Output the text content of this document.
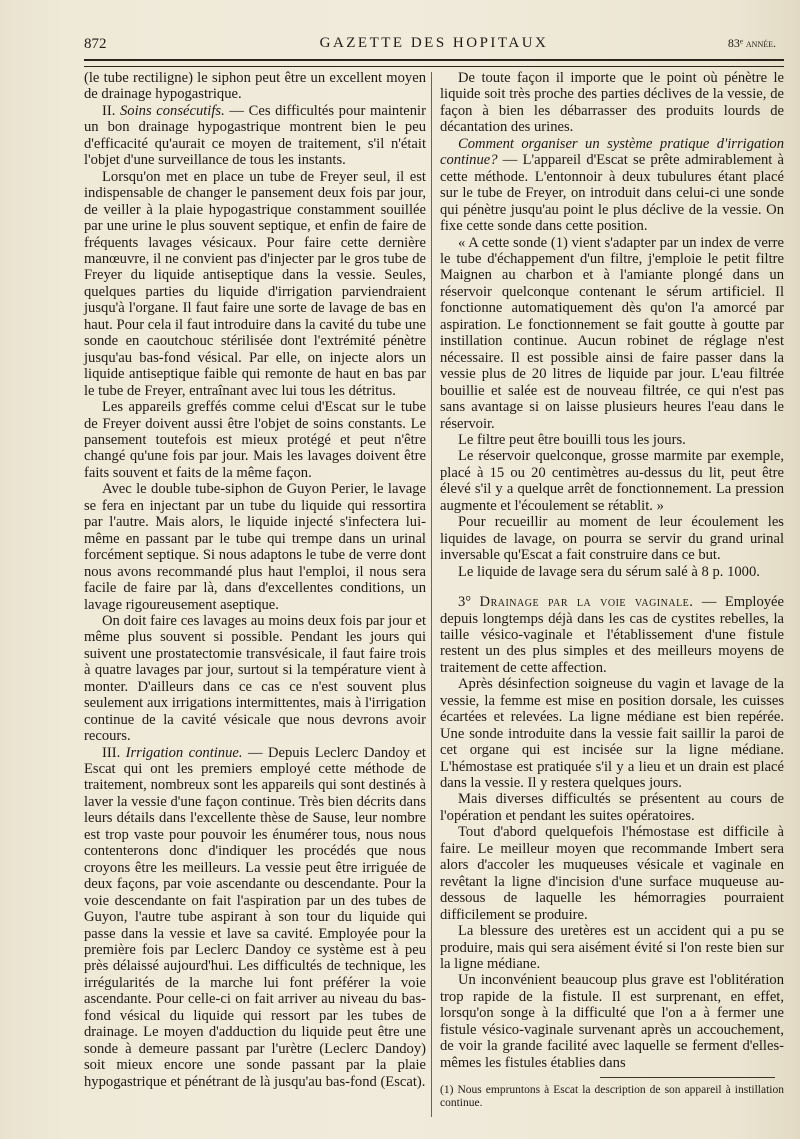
GAZETTE DES HOPITAUX
872	83ᵉ année.

(le tube rectiligne) le siphon peut être un excellent moyen de drainage hypogastrique.

II. Soins consécutifs. — Ces difficultés pour maintenir un bon drainage hypogastrique montrent bien le peu d'efficacité qu'aurait ce moyen de traitement, s'il n'était l'objet d'une surveillance de tous les instants.

Lorsqu'on met en place un tube de Freyer seul, il est indispensable de changer le pansement deux fois par jour, de veiller à la plaie hypogastrique constamment souillée par une urine le plus souvent septique, et enfin de faire de fréquents lavages vésicaux. Pour faire cette dernière manœuvre, il ne convient pas d'injecter par le gros tube de Freyer du liquide antiseptique dans la vessie. Seules, quelques parties du liquide d'irrigation parviendraient jusqu'à l'organe. Il faut faire une sorte de lavage de bas en haut. Pour cela il faut introduire dans la cavité du tube une sonde en caoutchouc stérilisée dont l'extrémité pénètre jusqu'au bas-fond vésical. Par elle, on injecte alors un liquide antiseptique faible qui remonte de haut en bas par le tube de Freyer, entraînant avec lui tous les détritus.

Les appareils greffés comme celui d'Escat sur le tube de Freyer doivent aussi être l'objet de soins constants. Le pansement toutefois est mieux protégé et peut n'être changé qu'une fois par jour. Mais les lavages doivent être faits souvent et faits de la même façon.

Avec le double tube-siphon de Guyon Perier, le lavage se fera en injectant par un tube du liquide qui ressortira par l'autre. Mais alors, le liquide injecté s'infectera lui-même en passant par le tube qui trempe dans un urinal forcément septique. Si nous adaptons le tube de verre dont nous avons recommandé plus haut l'emploi, il nous sera facile de faire par là, dans d'excellentes conditions, un lavage rigoureusement aseptique.

On doit faire ces lavages au moins deux fois par jour et même plus souvent si possible. Pendant les jours qui suivent une prostatectomie transvésicale, il faut faire trois à quatre lavages par jour, surtout si la température vient à monter. D'ailleurs dans ce cas ce n'est souvent plus seulement aux irrigations intermittentes, mais à l'irrigation continue de la cavité vésicale que nous devrons avoir recours.

III. Irrigation continue. — Depuis Leclerc Dandoy et Escat qui ont les premiers employé cette méthode de traitement, nombreux sont les appareils qui sont destinés à laver la vessie d'une façon continue. Très bien décrits dans leurs détails dans l'excellente thèse de Sause, leur nombre est trop vaste pour pouvoir les énumérer tous, nous nous contenterons donc d'indiquer les procédés que nous croyons être les meilleurs. La vessie peut être irriguée de deux façons, par voie ascendante ou descendante. Pour la voie descendante on fait l'aspiration par un des tubes de Guyon, l'autre tube aspirant à son tour du liquide qui passe dans la vessie et lave sa cavité. Employée pour la première fois par Leclerc Dandoy ce système est à peu près délaissé aujourd'hui. Les difficultés de technique, les irrégularités de la marche lui font préférer la voie ascendante. Pour celle-ci on fait arriver au niveau du bas-fond vésical du liquide qui ressort par les tubes de drainage. Le moyen d'adduction du liquide peut être une sonde à demeure passant par l'urètre (Leclerc Dandoy) soit mieux encore une sonde passant par la plaie hypogastrique et pénétrant de là jusqu'au bas-fond (Escat).

De toute façon il importe que le point où pénètre le liquide soit très proche des parties déclives de la vessie, de façon à bien les débarrasser des produits lourds de décantation des urines.

Comment organiser un système pratique d'irrigation continue? — L'appareil d'Escat se prête admirablement à cette méthode. L'entonnoir à deux tubulures étant placé sur le tube de Freyer, on introduit dans celui-ci une sonde qui pénètre jusqu'au point le plus déclive de la vessie. On fixe cette sonde dans cette position.

« A cette sonde (1) vient s'adapter par un index de verre le tube d'échappement d'un filtre, j'emploie le petit filtre Maignen au charbon et à l'amiante plongé dans un réservoir quelconque contenant le sérum artificiel. Il fonctionne automatiquement dès qu'on l'a amorcé par aspiration. Le fonctionnement se fait goutte à goutte par instillation continue. Aucun robinet de réglage n'est nécessaire. Il est possible ainsi de faire passer dans la vessie plus de 20 litres de liquide par jour. L'eau filtrée bouillie et salée est de nouveau filtrée, ce qui n'est pas sans avantage si on laisse plusieurs heures l'eau dans le réservoir.

Le filtre peut être bouilli tous les jours.

Le réservoir quelconque, grosse marmite par exemple, placé à 15 ou 20 centimètres au-dessus du lit, peut être élevé s'il y a quelque arrêt de fonctionnement. La pression augmente et l'écoulement se rétablit. »

Pour recueillir au moment de leur écoulement les liquides de lavage, on pourra se servir du grand urinal inversable qu'Escat a fait construire dans ce but.

Le liquide de lavage sera du sérum salé à 8 p. 1000.

3° Drainage par la voie vaginale. — Employée depuis longtemps déjà dans les cas de cystites rebelles, la taille vésico-vaginale et l'établissement d'une fistule restent un des plus simples et des meilleurs moyens de traitement de cette affection.

Après désinfection soigneuse du vagin et lavage de la vessie, la femme est mise en position dorsale, les cuisses écartées et relevées. La ligne médiane est bien repérée. Une sonde introduite dans la vessie fait saillir la paroi de cet organe qui est incisée sur la ligne médiane. L'hémostase est pratiquée s'il y a lieu et un drain est placé dans la vessie. Il y restera quelques jours.

Mais diverses difficultés se présentent au cours de l'opération et pendant les suites opératoires.

Tout d'abord quelquefois l'hémostase est difficile à faire. Le meilleur moyen que recommande Imbert sera alors d'accoler les muqueuses vésicale et vaginale en revêtant la ligne d'incision d'une surface muqueuse au-dessous de laquelle les hémorragies pourraient difficilement se produire.

La blessure des uretères est un accident qui a pu se produire, mais qui sera aisément évité si l'on reste bien sur la ligne médiane.

Un inconvénient beaucoup plus grave est l'oblitération trop rapide de la fistule. Il est surprenant, en effet, lorsqu'on songe à la difficulté que l'on a à fermer une fistule vésico-vaginale survenant après un accouchement, de voir la grande facilité avec laquelle se ferment d'elles-mêmes les fistules établies dans

(1) Nous empruntons à Escat la description de son appareil à instillation continue.
